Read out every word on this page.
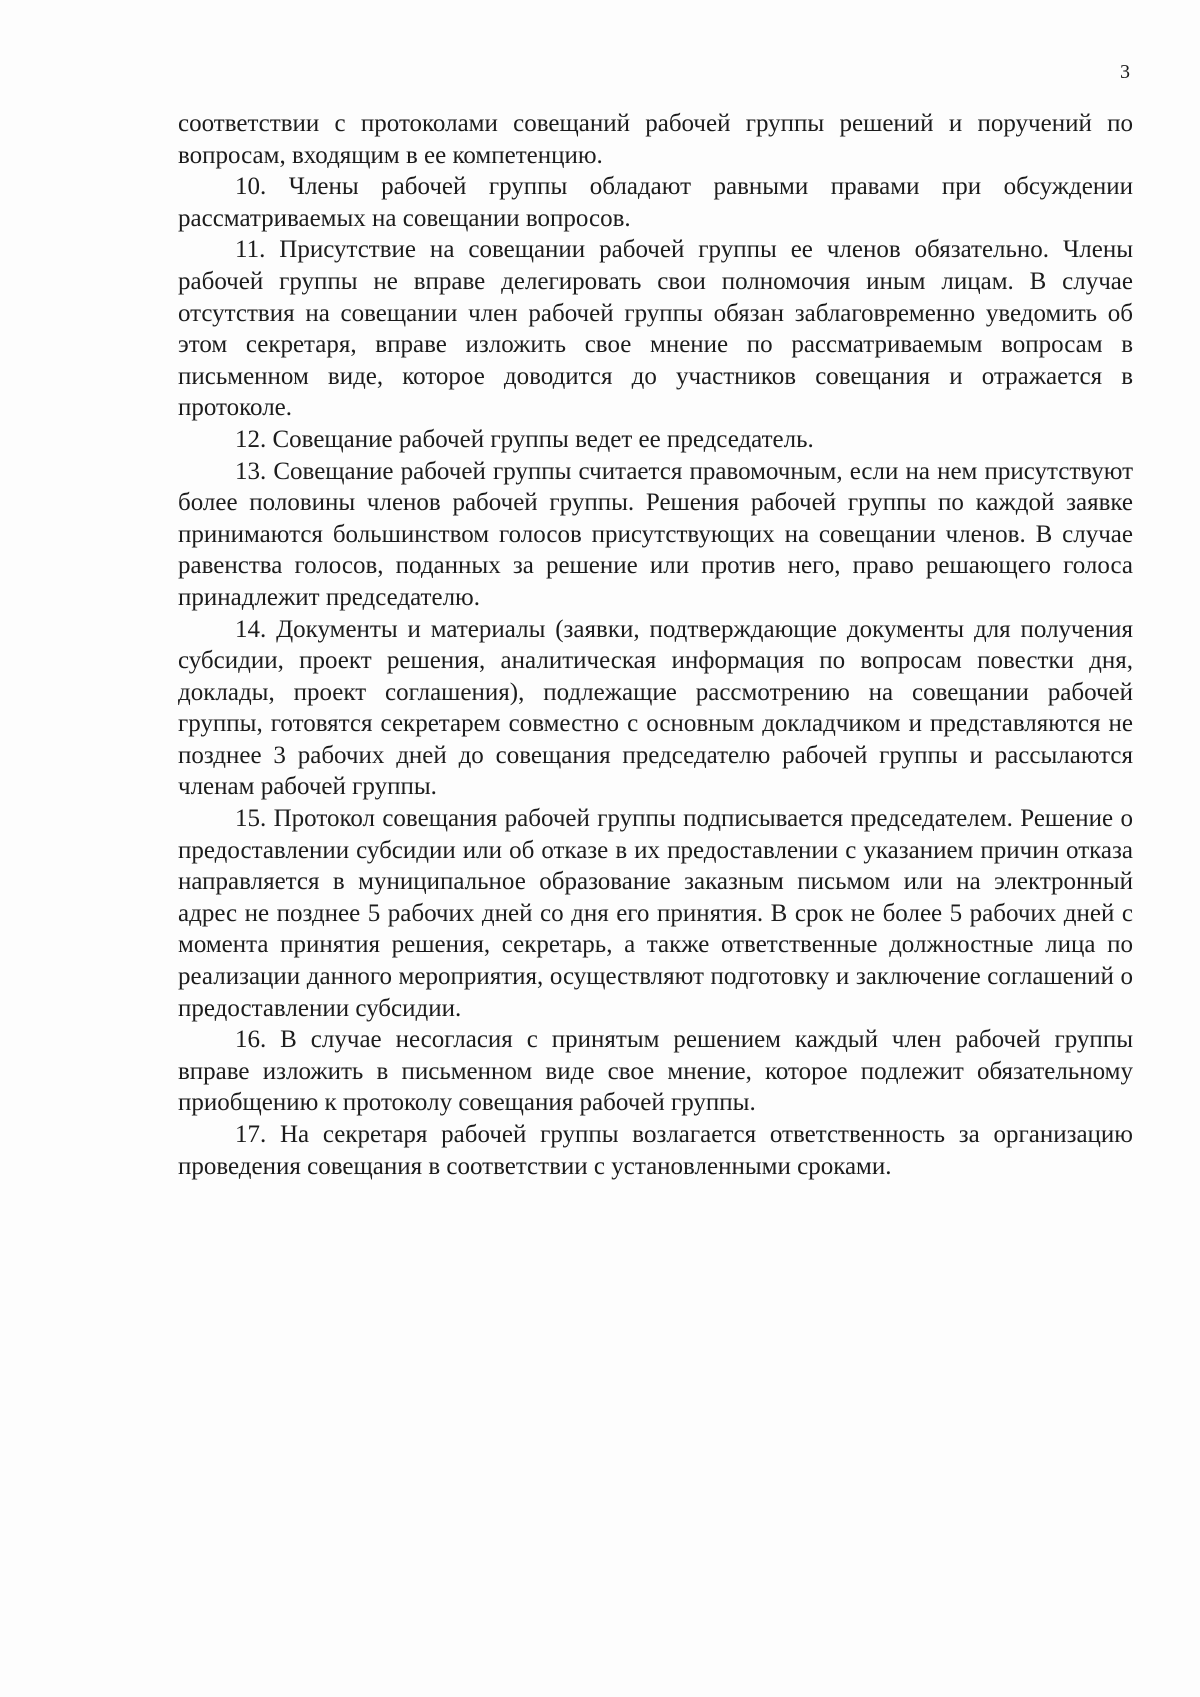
3

соответствии с протоколами совещаний рабочей группы решений и поручений по вопросам, входящим в ее компетенцию.

10. Члены рабочей группы обладают равными правами при обсуждении рассматриваемых на совещании вопросов.

11. Присутствие на совещании рабочей группы ее членов обязательно. Члены рабочей группы не вправе делегировать свои полномочия иным лицам. В случае отсутствия на совещании член рабочей группы обязан заблаговременно уведомить об этом секретаря, вправе изложить свое мнение по рассматриваемым вопросам в письменном виде, которое доводится до участников совещания и отражается в протоколе.

12. Совещание рабочей группы ведет ее председатель.

13. Совещание рабочей группы считается правомочным, если на нем присутствуют более половины членов рабочей группы. Решения рабочей группы по каждой заявке принимаются большинством голосов присутствующих на совещании членов. В случае равенства голосов, поданных за решение или против него, право решающего голоса принадлежит председателю.

14. Документы и материалы (заявки, подтверждающие документы для получения субсидии, проект решения, аналитическая информация по вопросам повестки дня, доклады, проект соглашения), подлежащие рассмотрению на совещании рабочей группы, готовятся секретарем совместно с основным докладчиком и представляются не позднее 3 рабочих дней до совещания председателю рабочей группы и рассылаются членам рабочей группы.

15. Протокол совещания рабочей группы подписывается председателем. Решение о предоставлении субсидии или об отказе в их предоставлении с указанием причин отказа направляется в муниципальное образование заказным письмом или на электронный адрес не позднее 5 рабочих дней со дня его принятия. В срок не более 5 рабочих дней с момента принятия решения, секретарь, а также ответственные должностные лица по реализации данного мероприятия, осуществляют подготовку и заключение соглашений о предоставлении субсидии.

16. В случае несогласия с принятым решением каждый член рабочей группы вправе изложить в письменном виде свое мнение, которое подлежит обязательному приобщению к протоколу совещания рабочей группы.

17. На секретаря рабочей группы возлагается ответственность за организацию проведения совещания в соответствии с установленными сроками.
